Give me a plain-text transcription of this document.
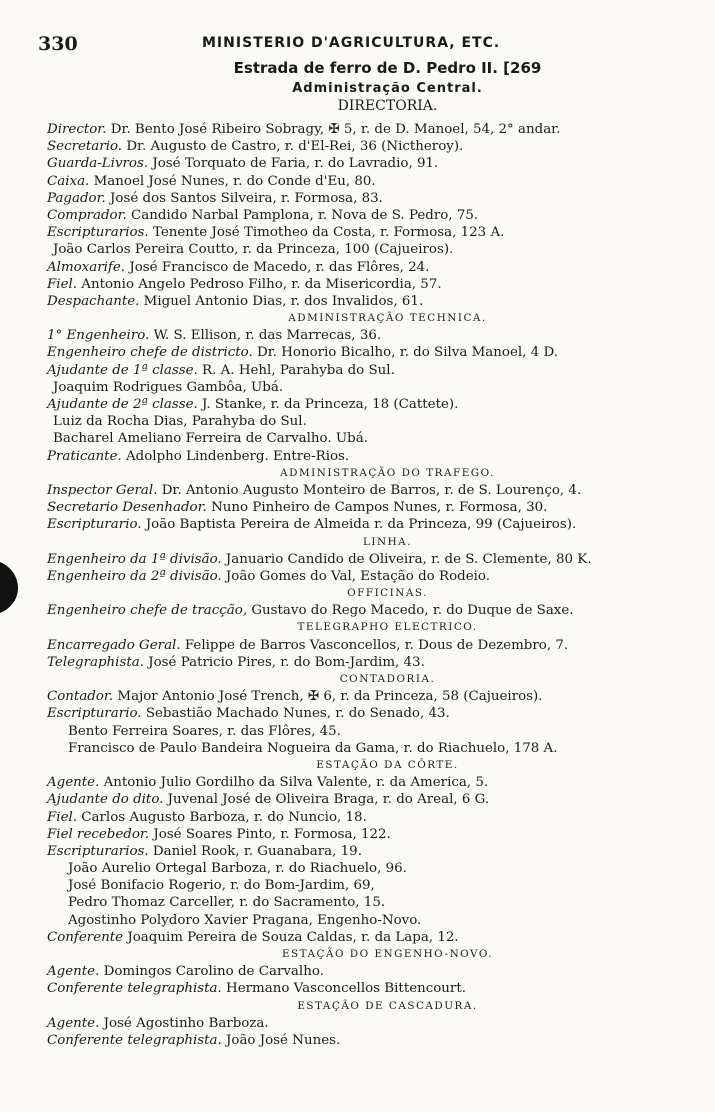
330	MINISTERIO D'AGRICULTURA, ETC.
Estrada de ferro de D. Pedro II. [269
Administração Central.
DIRECTORIA.
Director. Dr. Bento José Ribeiro Sobragy, ✠ 5, r. de D. Manoel, 54, 2° andar.
Secretario. Dr. Augusto de Castro, r. d'El-Rei, 36 (Nictheroy).
Guarda-Livros. José Torquato de Faria, r. do Lavradio, 91.
Caixa. Manoel José Nunes, r. do Conde d'Eu, 80.
Pagador. José dos Santos Silveira, r. Formosa, 83.
Comprador. Candido Narbal Pamplona, r. Nova de S. Pedro, 75.
Escripturarios. Tenente José Timotheo da Costa, r. Formosa, 123 A.
João Carlos Pereira Coutto, r. da Princeza, 100 (Cajueiros).
Almoxarife. José Francisco de Macedo, r. das Flôres, 24.
Fiel. Antonio Angelo Pedroso Filho, r. da Misericordia, 57.
Despachante. Miguel Antonio Dias, r. dos Invalidos, 61.
ADMINISTRAÇÃO TECHNICA.
1° Engenheiro. W. S. Ellison, r. das Marrecas, 36.
Engenheiro chefe de districto. Dr. Honorio Bicalho, r. do Silva Manoel, 4 D.
Ajudante de 1ª classe. R. A. Hehl, Parahyba do Sul.
Joaquim Rodrigues Gambôa, Ubá.
Ajudante de 2ª classe. J. Stanke, r. da Princeza, 18 (Cattete).
Luiz da Rocha Dias, Parahyba do Sul.
Bacharel Ameliano Ferreira de Carvalho. Ubá.
Praticante. Adolpho Lindenberg. Entre-Rios.
ADMINISTRAÇÃO DO TRAFEGO.
Inspector Geral. Dr. Antonio Augusto Monteiro de Barros, r. de S. Lourenço, 4.
Secretario Desenhador. Nuno Pinheiro de Campos Nunes, r. Formosa, 30.
Escripturario. João Baptista Pereira de Almeida r. da Princeza, 99 (Cajueiros).
LINHA.
Engenheiro da 1ª divisão. Januario Candido de Oliveira, r. de S. Clemente, 80 K.
Engenheiro da 2ª divisão. João Gomes do Val, Estação do Rodeio.
OFFICINAS.
Engenheiro chefe de tracção, Gustavo do Rego Macedo, r. do Duque de Saxe.
TELEGRAPHO ELECTRICO.
Encarregado Geral. Felippe de Barros Vasconcellos, r. Dous de Dezembro, 7.
Telegraphista. José Patricio Pires, r. do Bom-Jardim, 43.
CONTADORIA.
Contador. Major Antonio José Trench, ✠ 6, r. da Princeza, 58 (Cajueiros).
Escripturario. Sebastião Machado Nunes, r. do Senado, 43.
Bento Ferreira Soares, r. das Flôres, 45.
Francisco de Paulo Bandeira Nogueira da Gama, r. do Riachuelo, 178 A.
ESTAÇÃO DA CÔRTE.
Agente. Antonio Julio Gordilho da Silva Valente, r. da America, 5.
Ajudante do dito. Juvenal José de Oliveira Braga, r. do Areal, 6 G.
Fiel. Carlos Augusto Barboza, r. do Nuncio, 18.
Fiel recebedor. José Soares Pinto, r. Formosa, 122.
Escripturarios. Daniel Rook, r. Guanabara, 19.
João Aurelio Ortegal Barboza, r. do Riachuelo, 96.
José Bonifacio Rogerio, r. do Bom-Jardim, 69,
Pedro Thomaz Carceller, r. do Sacramento, 15.
Agostinho Polydoro Xavier Pragana, Engenho-Novo.
Conferente Joaquim Pereira de Souza Caldas, r. da Lapa, 12.
ESTAÇÃO DO ENGENHO-NOVO.
Agente. Domingos Carolino de Carvalho.
Conferente telegraphista. Hermano Vasconcellos Bittencourt.
ESTAÇÃO DE CASCADURA.
Agente. José Agostinho Barboza.
Conferente telegraphista. João José Nunes.
